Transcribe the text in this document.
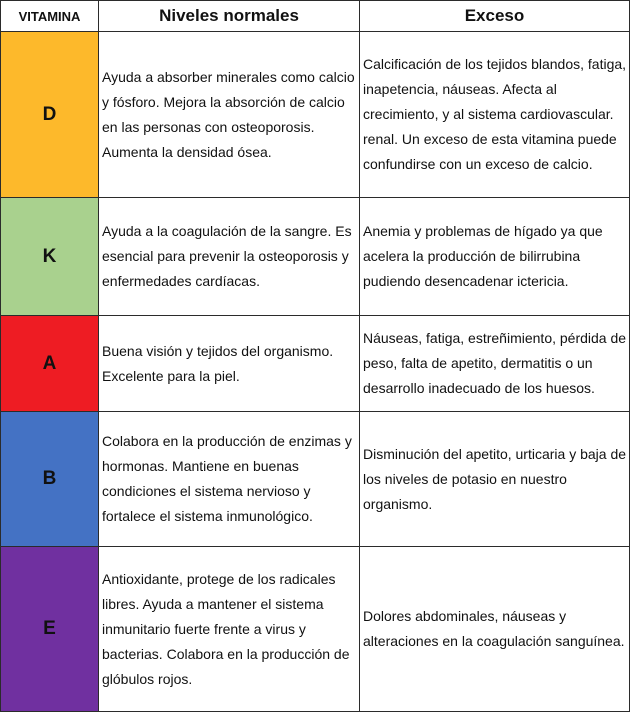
VITAMINA	Niveles normales	Exceso
D	Ayuda a absorber minerales como calcio y fósforo. Mejora la absorción de calcio en las personas con osteoporosis. Aumenta la densidad ósea.	Calcificación de los tejidos blandos, fatiga, inapetencia, náuseas. Afecta al crecimiento, y al sistema cardiovascular. renal. Un exceso de esta vitamina puede confundirse con un exceso de calcio.
K	Ayuda a la coagulación de la sangre. Es esencial para prevenir la osteoporosis y enfermedades cardíacas.	Anemia y problemas de hígado ya que acelera la producción de bilirrubina pudiendo desencadenar ictericia.
A	Buena visión y tejidos del organismo. Excelente para la piel.	Náuseas, fatiga, estreñimiento, pérdida de peso, falta de apetito, dermatitis o un desarrollo inadecuado de los huesos.
B	Colabora en la producción de enzimas y hormonas. Mantiene en buenas condiciones el sistema nervioso y fortalece el sistema inmunológico.	Disminución del apetito, urticaria y baja de los niveles de potasio en nuestro organismo.
E	Antioxidante, protege de los radicales libres. Ayuda a mantener el sistema inmunitario fuerte frente a virus y bacterias. Colabora en la producción de glóbulos rojos.	Dolores abdominales, náuseas y alteraciones en la coagulación sanguínea.
